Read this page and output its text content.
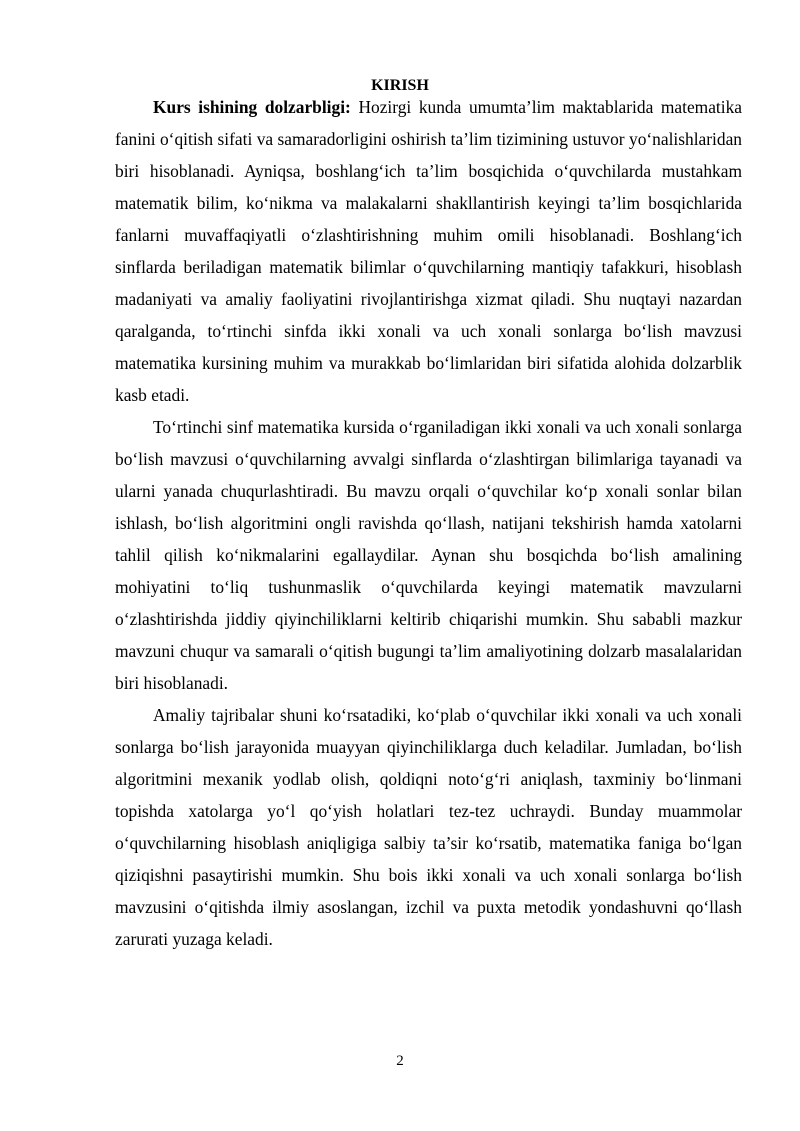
KIRISH

Kurs ishining dolzarbligi: Hozirgi kunda umumta’lim maktablarida matematika fanini o‘qitish sifati va samaradorligini oshirish ta’lim tizimining ustuvor yo‘nalishlaridan biri hisoblanadi. Ayniqsa, boshlang‘ich ta’lim bosqichida o‘quvchilarda mustahkam matematik bilim, ko‘nikma va malakalarni shakllantirish keyingi ta’lim bosqichlarida fanlarni muvaffaqiyatli o‘zlashtirishning muhim omili hisoblanadi. Boshlang‘ich sinflarda beriladigan matematik bilimlar o‘quvchilarning mantiqiy tafakkuri, hisoblash madaniyati va amaliy faoliyatini rivojlantirishga xizmat qiladi. Shu nuqtayi nazardan qaralganda, to‘rtinchi sinfda ikki xonali va uch xonali sonlarga bo‘lish mavzusi matematika kursining muhim va murakkab bo‘limlaridan biri sifatida alohida dolzarblik kasb etadi.

To‘rtinchi sinf matematika kursida o‘rganiladigan ikki xonali va uch xonali sonlarga bo‘lish mavzusi o‘quvchilarning avvalgi sinflarda o‘zlashtirgan bilimlariga tayanadi va ularni yanada chuqurlashtiradi. Bu mavzu orqali o‘quvchilar ko‘p xonali sonlar bilan ishlash, bo‘lish algoritmini ongli ravishda qo‘llash, natijani tekshirish hamda xatolarni tahlil qilish ko‘nikmalarini egallaydilar. Aynan shu bosqichda bo‘lish amalining mohiyatini to‘liq tushunmaslik o‘quvchilarda keyingi matematik mavzularni o‘zlashtirishda jiddiy qiyinchiliklarni keltirib chiqarishi mumkin. Shu sababli mazkur mavzuni chuqur va samarali o‘qitish bugungi ta’lim amaliyotining dolzarb masalalaridan biri hisoblanadi.

Amaliy tajribalar shuni ko‘rsatadiki, ko‘plab o‘quvchilar ikki xonali va uch xonali sonlarga bo‘lish jarayonida muayyan qiyinchiliklarga duch keladilar. Jumladan, bo‘lish algoritmini mexanik yodlab olish, qoldiqni noto‘g‘ri aniqlash, taxminiy bo‘linmani topishda xatolarga yo‘l qo‘yish holatlari tez-tez uchraydi. Bunday muammolar o‘quvchilarning hisoblash aniqligiga salbiy ta’sir ko‘rsatib, matematika faniga bo‘lgan qiziqishni pasaytirishi mumkin. Shu bois ikki xonali va uch xonali sonlarga bo‘lish mavzusini o‘qitishda ilmiy asoslangan, izchil va puxta metodik yondashuvni qo‘llash zarurati yuzaga keladi.

2
